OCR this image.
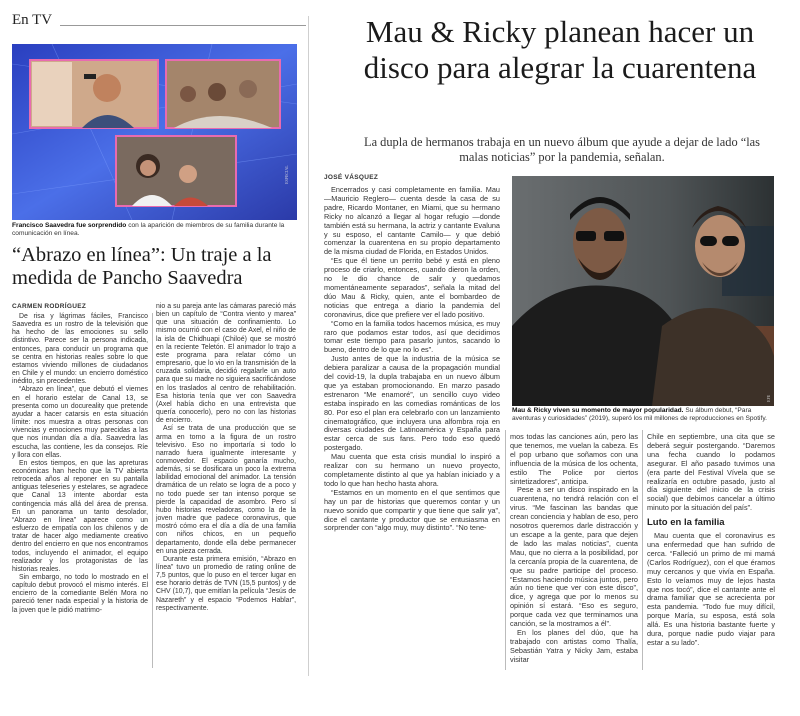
En TV
ESPECIAL
Francisco Saavedra fue sorprendido con la aparición de miembros de su familia durante la comunicación en línea.
“Abrazo en línea”: Un traje a la medida de Pancho Saavedra
CARMEN RODRÍGUEZ

De risa y lágrimas fáciles, Francisco Saavedra es un rostro de la televisión que ha hecho de las emociones su sello distintivo. Parece ser la persona indicada, entonces, para conducir un programa que se centra en historias reales sobre lo que estamos viviendo millones de ciudadanos en Chile y el mundo: un encierro doméstico inédito, sin precedentes.

“Abrazo en línea”, que debutó el viernes en el horario estelar de Canal 13, se presenta como un docureality que pretende ayudar a hacer catarsis en esta situación límite: nos muestra a otras personas con vivencias y emociones muy parecidas a las que nos inundan día a día. Saavedra las escucha, las contiene, les da consejos. Ríe y llora con ellas.

En estos tiempos, en que las apreturas económicas han hecho que la TV abierta retroceda años al reponer en su pantalla antiguas teleseries y estelares, se agradece que Canal 13 intente abordar esta contingencia más allá del área de prensa. En un panorama un tanto desolador, “Abrazo en línea” aparece como un esfuerzo de empatía con los chilenos y de tratar de hacer algo mediamente creativo dentro del encierro en que nos encontramos todos, incluyendo el animador, el equipo realizador y los protagonistas de las historias reales.

Sin embargo, no todo lo mostrado en el capítulo debut provocó el mismo interés. El encierro de la comediante Belén Mora no pareció tener nada especial y la historia de la joven que le pidió matrimo-

nio a su pareja ante las cámaras pareció más bien un capítulo de “Contra viento y marea” que una situación de confinamiento. Lo mismo ocurrió con el caso de Axel, el niño de la isla de Chidhuapi (Chiloé) que se mostró en la reciente Teletón. El animador lo trajo a este programa para relatar cómo un empresario, que lo vio en la transmisión de la cruzada solidaria, decidió regalarle un auto para que su madre no siguiera sacrificándose en los traslados al centro de rehabilitación. Esa historia tenía que ver con Saavedra (Axel había dicho en una entrevista que quería conocerlo), pero no con las historias de encierro.

Así se trata de una producción que se arma en torno a la figura de un rostro televisivo. Eso no importaría si todo lo narrado fuera igualmente interesante y conmovedor. El espacio ganaría mucho, además, si se dosificara un poco la extrema labilidad emocional del animador. La tensión dramática de un relato se logra de a poco y no todo puede ser tan intenso porque se pierde la capacidad de asombro. Pero sí hubo historias reveladoras, como la de la joven madre que padece coronavirus, que mostró cómo era el día a día de una familia con niños chicos, en un pequeño departamento, donde ella debe permanecer en una pieza cerrada.

Durante esta primera emisión, “Abrazo en línea” tuvo un promedio de rating online de 7,5 puntos, que lo puso en el tercer lugar en ese horario detrás de TVN (15,5 puntos) y de CHV (10,7), que emitían la película “Jesús de Nazareth” y el espacio “Podemos Hablar”, respectivamente.

Mau & Ricky planean hacer un disco para alegrar la cuarentena
La dupla de hermanos trabaja en un nuevo álbum que ayude a dejar de lado “las malas noticias” por la pandemia, señalan.
JOSÉ VÁSQUEZ
EFE
Mau & Ricky viven su momento de mayor popularidad. Su álbum debut, “Para aventuras y curiosidades” (2019), superó los mil millones de reproducciones en Spotify.

Encerrados y casi completamente en familia. Mau —Mauricio Reglero— cuenta desde la casa de su padre, Ricardo Montaner, en Miami, que su hermano Ricky no alcanzó a llegar al hogar refugio —donde también está su hermana, la actriz y cantante Evaluna y su esposo, el cantante Camilo— y que debió comenzar la cuarentena en su propio departamento de la misma ciudad de Florida, en Estados Unidos.

“Es que él tiene un perrito bebé y está en pleno proceso de criarlo, entonces, cuando dieron la orden, no le dio chance de salir y quedamos momentáneamente separados”, señala la mitad del dúo Mau & Ricky, quien, ante el bombardeo de noticias que entrega a diario la pandemia del coronavirus, dice que prefiere ver el lado positivo.

“Como en la familia todos hacemos música, es muy raro que podamos estar todos, así que decidimos tomar este tiempo para pasarlo juntos, sacando lo bueno, dentro de lo que no lo es”.

Justo antes de que la industria de la música se debiera paralizar a causa de la propagación mundial del covid-19, la dupla trabajaba en un nuevo álbum que ya estaban promocionando. En marzo pasado estrenaron “Me enamoré”, un sencillo cuyo video estaba inspirado en las comedias románticas de los 80. Por eso el plan era celebrarlo con un lanzamiento cinematográfico, que incluyera una alfombra roja en diversas ciudades de Latinoamérica y España para estar cerca de sus fans. Pero todo eso quedó postergado.

Mau cuenta que esta crisis mundial lo inspiró a realizar con su hermano un nuevo proyecto, completamente distinto al que ya habían iniciado y a todo lo que han hecho hasta ahora.

“Estamos en un momento en el que sentimos que hay un par de historias que queremos contar y un nuevo sonido que compartir y que tiene que salir ya”, dice el cantante y productor que se entusiasma en sorprender con “algo muy, muy distinto”. “No tene-

mos todas las canciones aún, pero las que tenemos, me vuelan la cabeza. Es el pop urbano que soñamos con una influencia de la música de los ochenta, estilo The Police por ciertos sintetizadores”, anticipa.

Pese a ser un disco inspirado en la cuarentena, no tendrá relación con el virus. “Me fascinan las bandas que crean conciencia y hablan de eso, pero nosotros queremos darle distracción y un escape a la gente, para que dejen de lado las malas noticias”, cuenta Mau, que no cierra a la posibilidad, por la cercanía propia de la cuarentena, de que su padre participe del proceso. “Estamos haciendo música juntos, pero aún no tiene que ver con este disco”, dice, y agrega que por lo menos su opinión sí estará. “Eso es seguro, porque cada vez que terminamos una canción, se la mostramos a él”.

En los planes del dúo, que ha trabajado con artistas como Thalía, Sebastián Yatra y Nicky Jam, estaba visitar

Chile en septiembre, una cita que se deberá seguir postergando. “Daremos una fecha cuando lo podamos asegurar. El año pasado tuvimos una (era parte del Festival Vívela que se realizaría en octubre pasado, justo al día siguiente del inicio de la crisis social) que debimos cancelar a último minuto por la situación del país”.

Luto en la familia

Mau cuenta que el coronavirus es una enfermedad que han sufrido de cerca. “Falleció un primo de mi mamá (Carlos Rodríguez), con el que éramos muy cercanos y que vivía en España. Esto lo veíamos muy de lejos hasta que nos tocó”, dice el cantante ante el drama familiar que se acrecienta por esta pandemia. “Todo fue muy difícil, porque María, su esposa, está sola allá. Es una historia bastante fuerte y dura, porque nadie pudo viajar para estar a su lado”.
